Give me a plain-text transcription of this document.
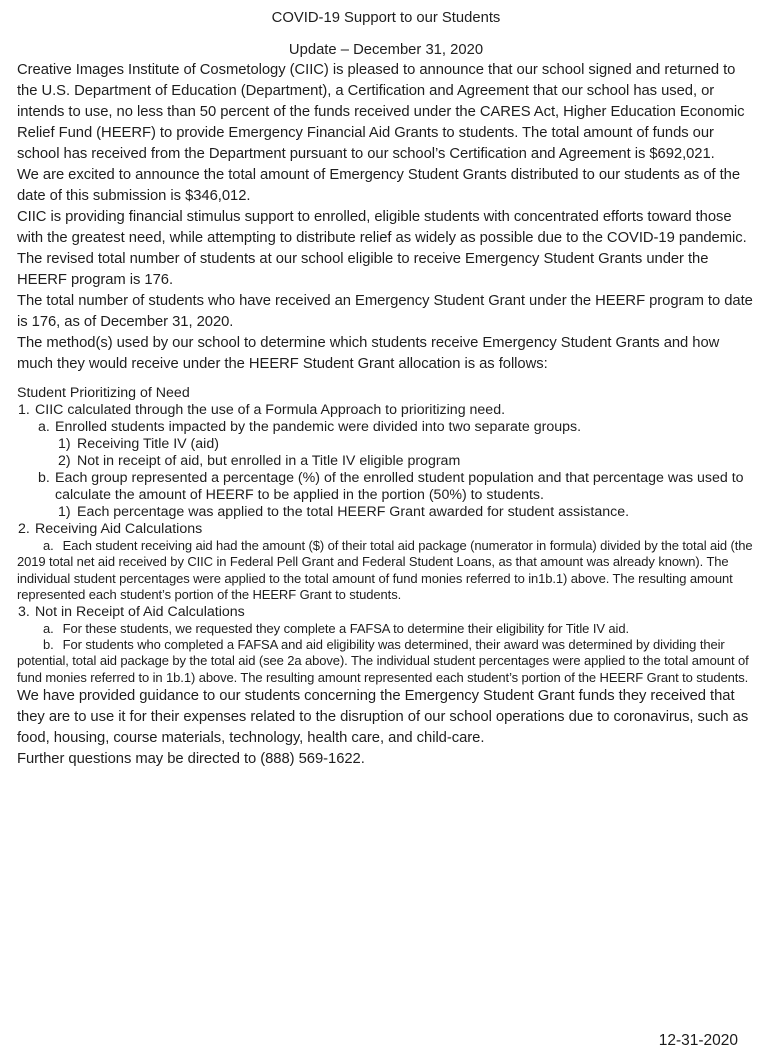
COVID-19 Support to our Students
Update – December 31, 2020

Creative Images Institute of Cosmetology (CIIC) is pleased to announce that our school signed and returned to the U.S. Department of Education (Department), a Certification and Agreement that our school has used, or intends to use, no less than 50 percent of the funds received under the CARES Act, Higher Education Economic Relief Fund (HEERF) to provide Emergency Financial Aid Grants to students. The total amount of funds our school has received from the Department pursuant to our school’s Certification and Agreement is $692,021.

We are excited to announce the total amount of Emergency Student Grants distributed to our students as of the date of this submission is $346,012.

CIIC is providing financial stimulus support to enrolled, eligible students with concentrated efforts toward those with the greatest need, while attempting to distribute relief as widely as possible due to the COVID-19 pandemic. The revised total number of students at our school eligible to receive Emergency Student Grants under the HEERF program is 176.

The total number of students who have received an Emergency Student Grant under the HEERF program to date is 176, as of December 31, 2020.

The method(s) used by our school to determine which students receive Emergency Student Grants and how much they would receive under the HEERF Student Grant allocation is as follows:

Student Prioritizing of Need
1. CIIC calculated through the use of a Formula Approach to prioritizing need.
a. Enrolled students impacted by the pandemic were divided into two separate groups.
1) Receiving Title IV (aid)
2) Not in receipt of aid, but enrolled in a Title IV eligible program
b. Each group represented a percentage (%) of the enrolled student population and that percentage was used to calculate the amount of HEERF to be applied in the portion (50%) to students.
1) Each percentage was applied to the total HEERF Grant awarded for student assistance.
2. Receiving Aid Calculations

a. Each student receiving aid had the amount ($) of their total aid package (numerator in formula) divided by the total aid (the 2019 total net aid received by CIIC in Federal Pell Grant and Federal Student Loans, as that amount was already known). The individual student percentages were applied to the total amount of fund monies referred to in1b.1) above. The resulting amount represented each student’s portion of the HEERF Grant to students.

3. Not in Receipt of Aid Calculations

a. For these students, we requested they complete a FAFSA to determine their eligibility for Title IV aid.

b. For students who completed a FAFSA and aid eligibility was determined, their award was determined by dividing their potential, total aid package by the total aid (see 2a above). The individual student percentages were applied to the total amount of fund monies referred to in 1b.1) above. The resulting amount represented each student’s portion of the HEERF Grant to students.

We have provided guidance to our students concerning the Emergency Student Grant funds they received that they are to use it for their expenses related to the disruption of our school operations due to coronavirus, such as food, housing, course materials, technology, health care, and child-care.

Further questions may be directed to (888) 569-1622.

12-31-2020
